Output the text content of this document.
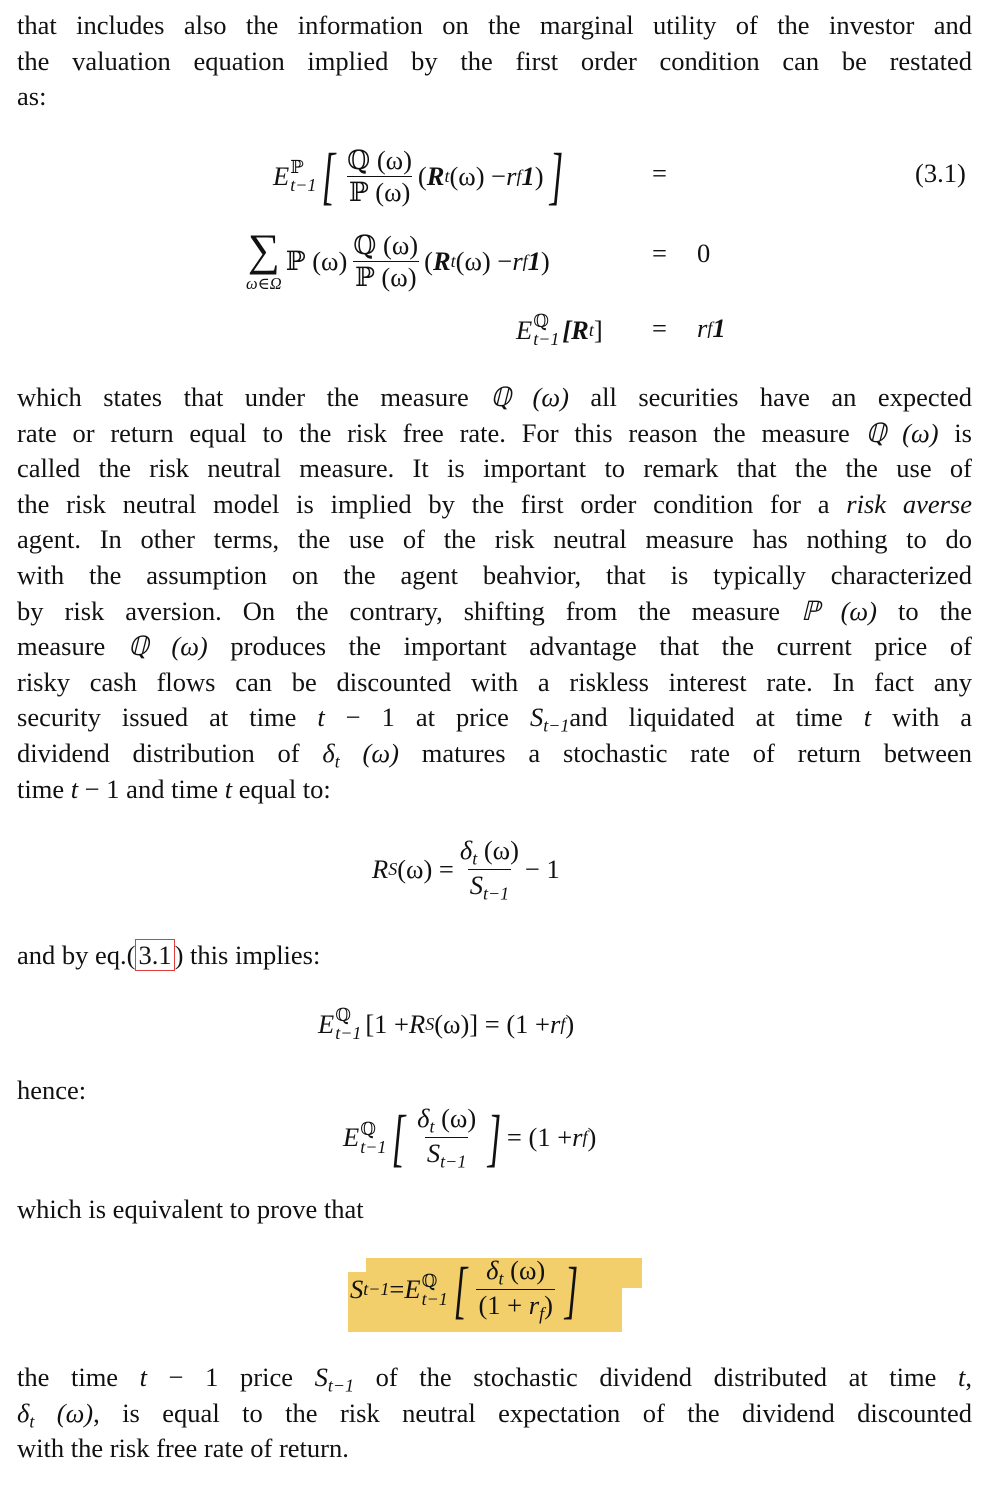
that includes also the information on the marginal utility of the investor and
the valuation equation implied by the first order condition can be restated
as:
E ℙ
t−1 [ $\frac{\text{ℚ (ω)}}{\text{ℙ (ω)}}$ ( R t (ω) − r f 1 ) ]	=	(3.1)
∑
ω∈Ω
ℙ $(\omega) \frac{\text{ℚ (ω)}}{\text{ℙ (ω)}}$ ( R t (ω) − r f 1 )	= 0
E ℚ
t−1 [R t ] = r f 1
which states that under the measure ℚ (ω) all securities have an expected
rate or return equal to the risk free rate. For this reason the measure ℚ (ω) is
called the risk neutral measure. It is important to remark that the the use of
the risk neutral model is implied by the first order condition for a risk averse
agent. In other terms, the use of the risk neutral measure has nothing to do
with the assumption on the agent beahvior, that is typically characterized
by risk aversion. On the contrary, shifting from the measure ℙ (ω) to the
measure ℚ (ω) produces the important advantage that the current price of
risky cash flows can be discounted with a riskless interest rate. In fact any
security issued at time t − 1 at price $S_{t-1}and$ liquidated at time t with a
dividend distribution of $\delta_t$ (ω) matures a stochastic rate of return between
time t − 1 and time t equal to:
R S $(\omega) = \frac{\delta_t (\omega)}{S_{t-1}} - 1$
and by eq.( 3.1 ) this implies:
E ℚ
t−1 [1 + R S (ω)] = (1 + r f )
hence:
E ℚ
t−1 [ $\frac{\delta_t (\omega)}{S_{t-1}}$ ] = (1 + r f )
which is equivalent to prove that
S t−1 = E ℚ
t−1 [ $\frac{\delta_t (\omega)}{(1 + r_f)}$ ]
the time t − 1 price $S_{t-1}$ of the stochastic dividend distributed at time t,
$\delta_t$ (ω), is equal to the risk neutral expectation of the dividend discounted
with the risk free rate of return.
